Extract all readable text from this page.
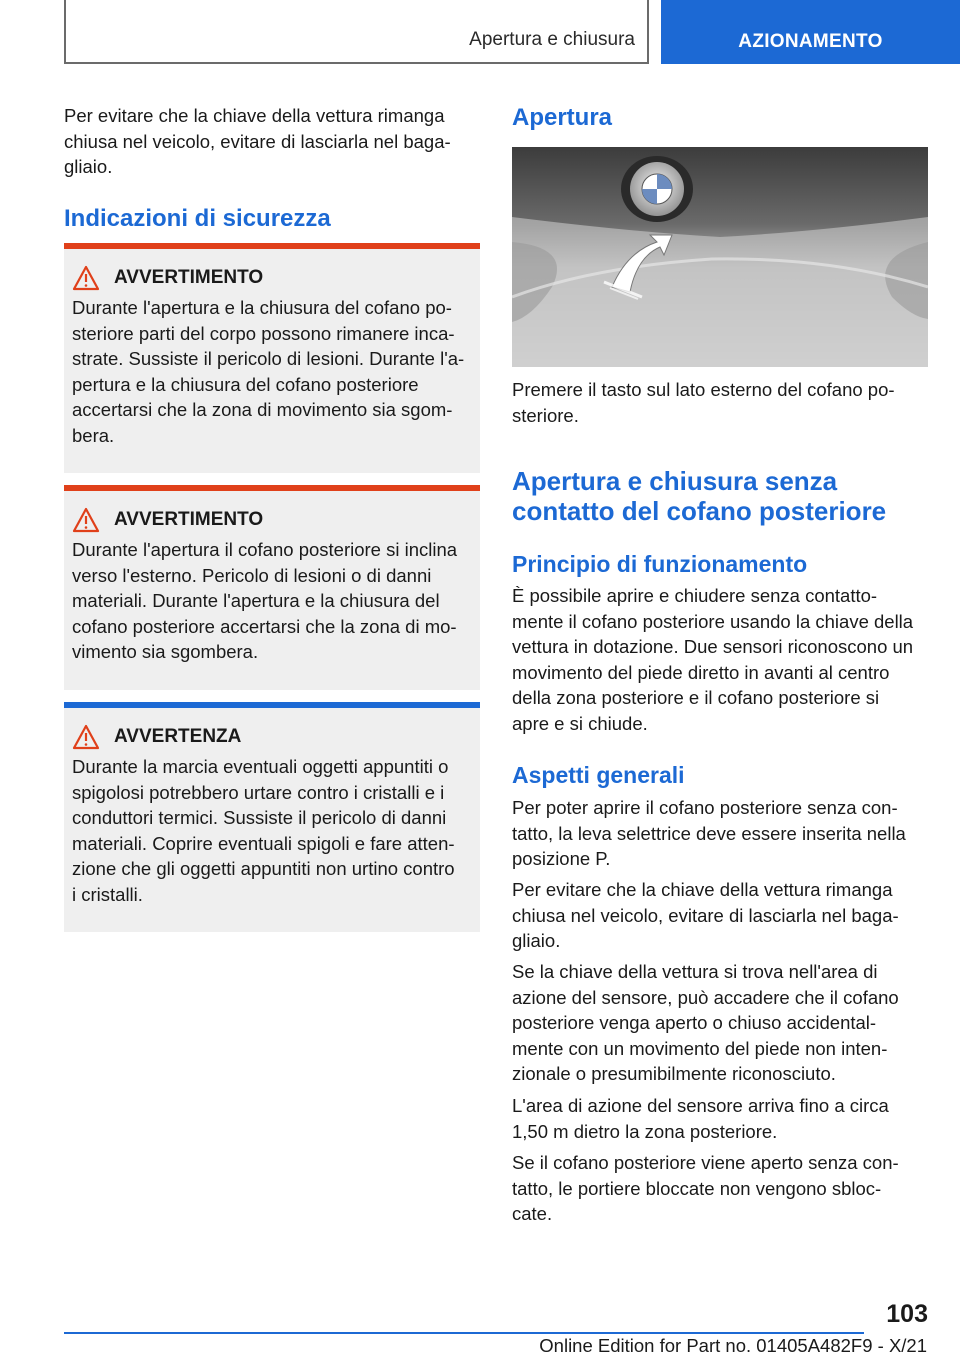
Apertura e chiusura	AZIONAMENTO
Per evitare che la chiave della vettura rimanga
chiusa nel veicolo, evitare di lasciarla nel baga-
gliaio.
Indicazioni di sicurezza
AVVERTIMENTO
Durante l'apertura e la chiusura del cofano po-
steriore parti del corpo possono rimanere inca-
strate. Sussiste il pericolo di lesioni. Durante l'a-
pertura e la chiusura del cofano posteriore
accertarsi che la zona di movimento sia sgom-
bera.
AVVERTIMENTO
Durante l'apertura il cofano posteriore si inclina
verso l'esterno. Pericolo di lesioni o di danni
materiali. Durante l'apertura e la chiusura del
cofano posteriore accertarsi che la zona di mo-
vimento sia sgombera.
AVVERTENZA
Durante la marcia eventuali oggetti appuntiti o
spigolosi potrebbero urtare contro i cristalli e i
conduttori termici. Sussiste il pericolo di danni
materiali. Coprire eventuali spigoli e fare atten-
zione che gli oggetti appuntiti non urtino contro
i cristalli.
Apertura
Premere il tasto sul lato esterno del cofano po-
steriore.
Apertura e chiusura senza
contatto del cofano posteriore
Principio di funzionamento
È possibile aprire e chiudere senza contatto-
mente il cofano posteriore usando la chiave della
vettura in dotazione. Due sensori riconoscono un
movimento del piede diretto in avanti al centro
della zona posteriore e il cofano posteriore si
apre e si chiude.
Aspetti generali
Per poter aprire il cofano posteriore senza con-
tatto, la leva selettrice deve essere inserita nella
posizione P.
Per evitare che la chiave della vettura rimanga
chiusa nel veicolo, evitare di lasciarla nel baga-
gliaio.
Se la chiave della vettura si trova nell'area di
azione del sensore, può accadere che il cofano
posteriore venga aperto o chiuso accidental-
mente con un movimento del piede non inten-
zionale o presumibilmente riconosciuto.
L'area di azione del sensore arriva fino a circa
1,50 m dietro la zona posteriore.
Se il cofano posteriore viene aperto senza con-
tatto, le portiere bloccate non vengono sbloc-
cate.
103
Online Edition for Part no. 01405A482F9 - X/21
